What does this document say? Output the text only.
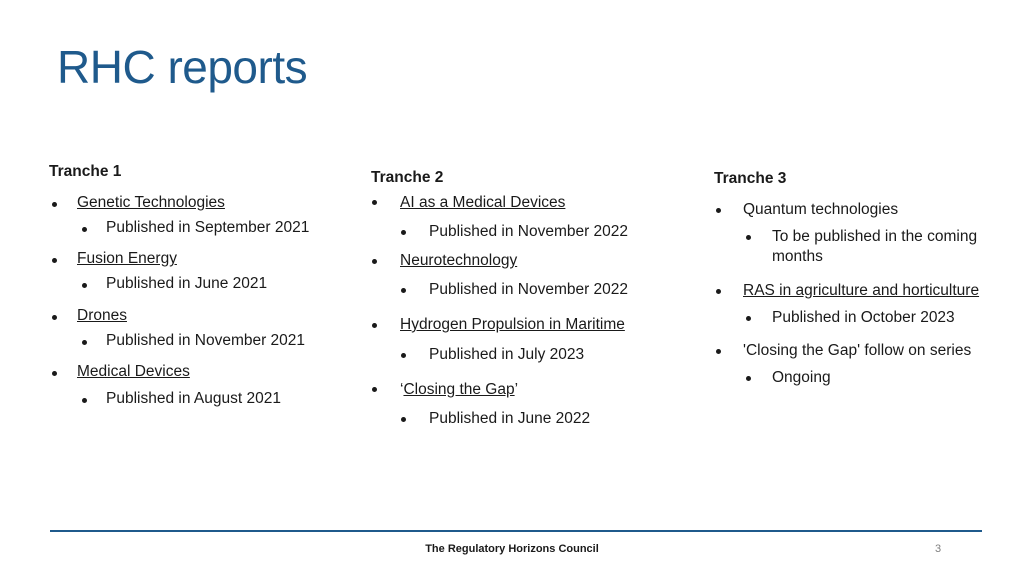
RHC reports
Tranche 1
Genetic Technologies
Published in September 2021
Fusion Energy
Published in June 2021
Drones
Published in November 2021
Medical Devices
Published in August 2021
Tranche 2
AI as a Medical Devices
Published in November 2022
Neurotechnology
Published in November 2022
Hydrogen Propulsion in Maritime
Published in July 2023
‘Closing the Gap’
Published in June 2022
Tranche 3
Quantum technologies
To be published in the coming
months
RAS in agriculture and horticulture
Published in October 2023
'Closing the Gap' follow on series
Ongoing
The Regulatory Horizons Council	3
